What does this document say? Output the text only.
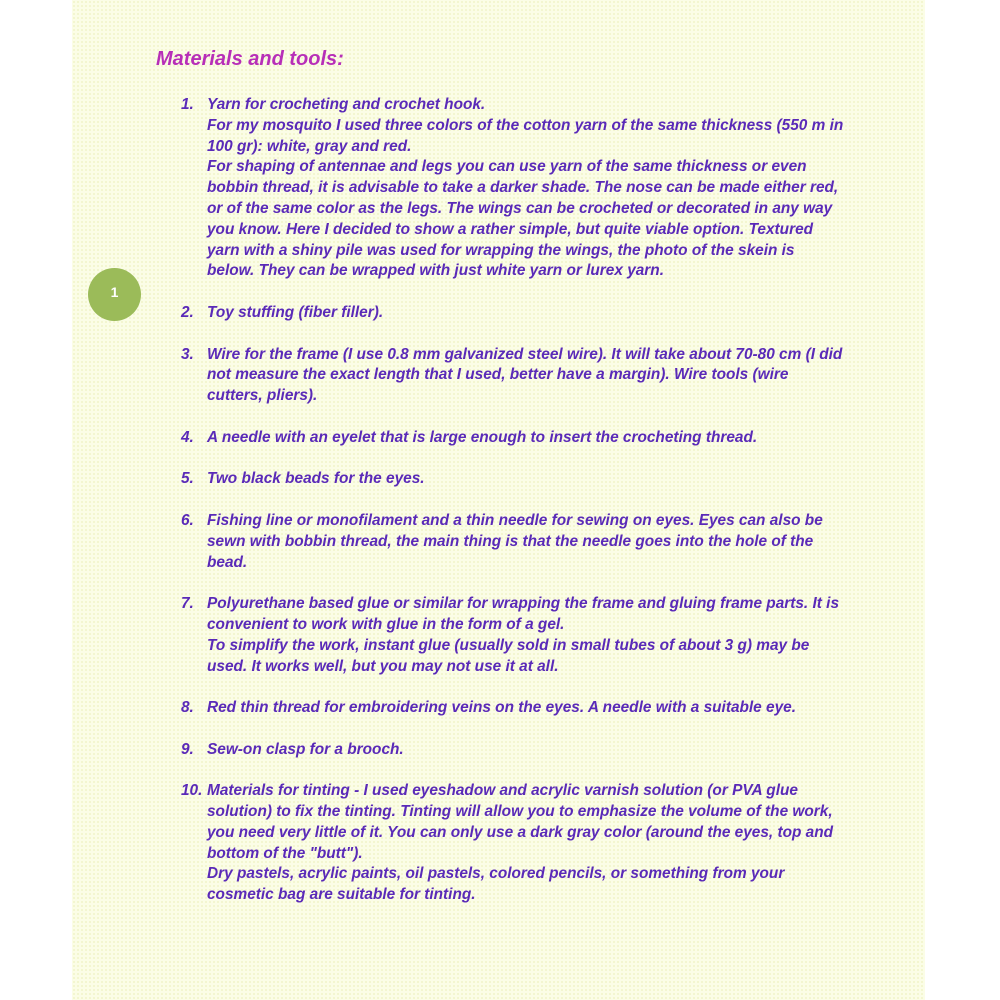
Materials and tools:
1
1. Yarn for crocheting and crochet hook.
For my mosquito I used three colors of the cotton yarn of the same thickness (550 m in 100 gr): white, gray and red.
For shaping of antennae and legs you can use yarn of the same thickness or even bobbin thread, it is advisable to take a darker shade. The nose can be made either red, or of the same color as the legs. The wings can be crocheted or decorated in any way you know. Here I decided to show a rather simple, but quite viable option. Textured yarn with a shiny pile was used for wrapping the wings, the photo of the skein is below. They can be wrapped with just white yarn or lurex yarn.
2. Toy stuffing (fiber filler).
3. Wire for the frame (I use 0.8 mm galvanized steel wire). It will take about 70-80 cm (I did not measure the exact length that I used, better have a margin). Wire tools (wire cutters, pliers).
4. A needle with an eyelet that is large enough to insert the crocheting thread.
5. Two black beads for the eyes.
6. Fishing line or monofilament and a thin needle for sewing on eyes. Eyes can also be sewn with bobbin thread, the main thing is that the needle goes into the hole of the bead.
7. Polyurethane based glue or similar for wrapping the frame and gluing frame parts. It is convenient to work with glue in the form of a gel.
To simplify the work, instant glue (usually sold in small tubes of about 3 g) may be used. It works well, but you may not use it at all.
8. Red thin thread for embroidering veins on the eyes. A needle with a suitable eye.
9. Sew-on clasp for a brooch.
10. Materials for tinting - I used eyeshadow and acrylic varnish solution (or PVA glue solution) to fix the tinting. Tinting will allow you to emphasize the volume of the work, you need very little of it. You can only use a dark gray color (around the eyes, top and bottom of the "butt").
Dry pastels, acrylic paints, oil pastels, colored pencils, or something from your cosmetic bag are suitable for tinting.
